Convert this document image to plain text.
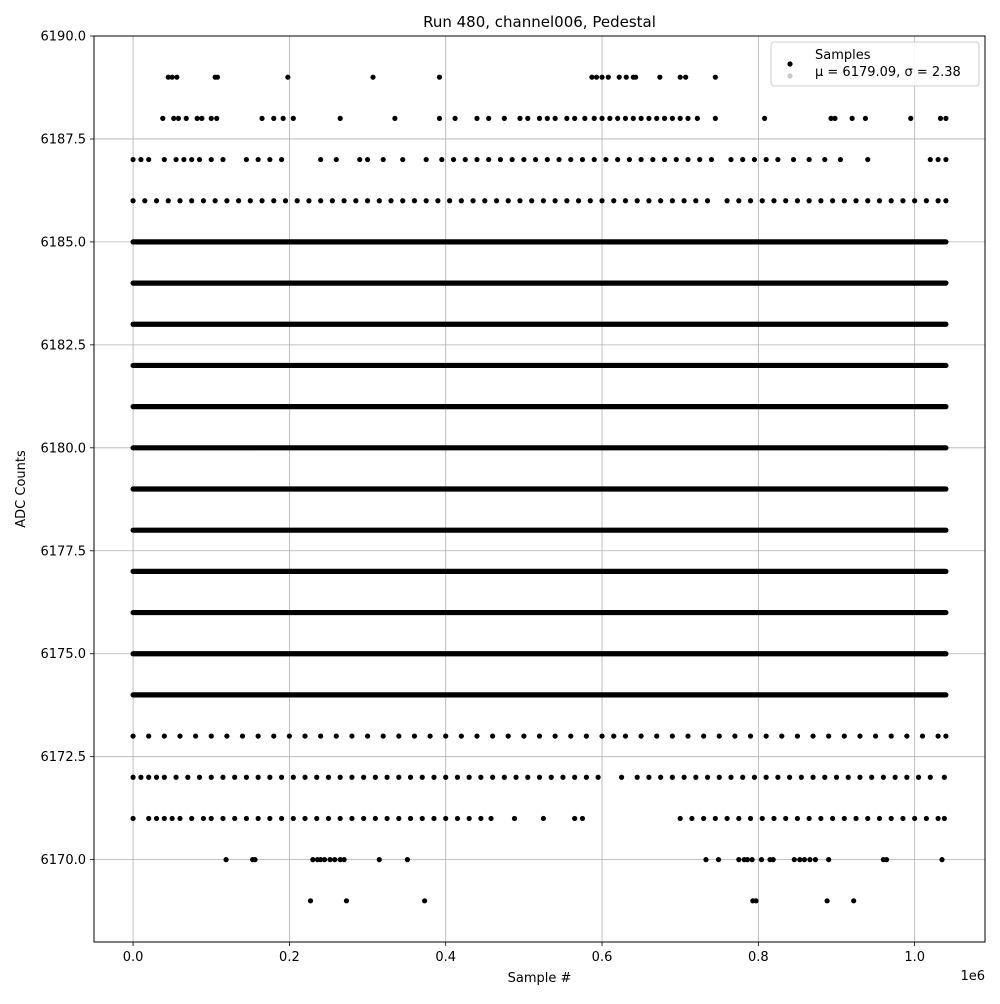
0.0	0.2	0.4	0.6	0.8	1.0
6170.0
6172.5
6175.0
6177.5
6180.0
6182.5
6185.0
6187.5
6190.0
Run 480, channel006, Pedestal
Sample #
ADC Counts
1e6
Samples
μ = 6179.09, σ = 2.38
